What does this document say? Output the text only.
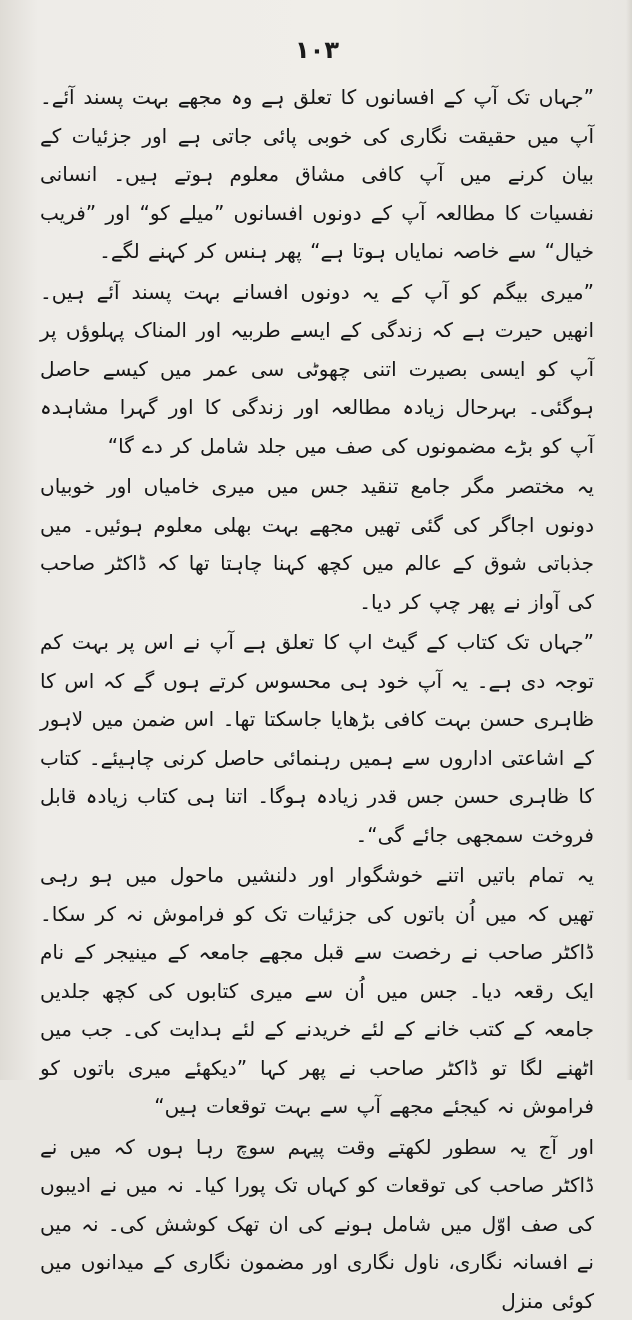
۱۰۳

”جہاں تک آپ کے افسانوں کا تعلق ہے وہ مجھے بہت پسند آئے۔ آپ میں حقیقت نگاری کی خوبی پائی جاتی ہے اور جزئیات کے بیان کرنے میں آپ کافی مشاق معلوم ہوتے ہیں۔ انسانی نفسیات کا مطالعہ آپ کے دونوں افسانوں ”میلے کو“ اور ”فریب خیال“ سے خاصہ نمایاں ہوتا ہے“ پھر ہنس کر کہنے لگے۔

”میری بیگم کو آپ کے یہ دونوں افسانے بہت پسند آئے ہیں۔ انھیں حیرت ہے کہ زندگی کے ایسے طربیہ اور المناک پہلوؤں پر آپ کو ایسی بصیرت اتنی چھوٹی سی عمر میں کیسے حاصل ہوگئی۔ بہرحال زیادہ مطالعہ اور زندگی کا اور گہرا مشاہدہ آپ کو بڑے مضمونوں کی صف میں جلد شامل کر دے گا“

یہ مختصر مگر جامع تنقید جس میں میری خامیاں اور خوبیاں دونوں اجاگر کی گئی تھیں مجھے بہت بھلی معلوم ہوئیں۔ میں جذباتی شوق کے عالم میں کچھ کہنا چاہتا تھا کہ ڈاکٹر صاحب کی آواز نے پھر چپ کر دیا۔

”جہاں تک کتاب کے گیٹ اپ کا تعلق ہے آپ نے اس پر بہت کم توجہ دی ہے۔ یہ آپ خود ہی محسوس کرتے ہوں گے کہ اس کا ظاہری حسن بہت کافی بڑھایا جاسکتا تھا۔ اس ضمن میں لاہور کے اشاعتی اداروں سے ہمیں رہنمائی حاصل کرنی چاہیئے۔ کتاب کا ظاہری حسن جس قدر زیادہ ہوگا۔ اتنا ہی کتاب زیادہ قابل فروخت سمجھی جائے گی“۔

یہ تمام باتیں اتنے خوشگوار اور دلنشیں ماحول میں ہو رہی تھیں کہ میں اُن باتوں کی جزئیات تک کو فراموش نہ کر سکا۔ ڈاکٹر صاحب نے رخصت سے قبل مجھے جامعہ کے مینیجر کے نام ایک رقعہ دیا۔ جس میں اُن سے میری کتابوں کی کچھ جلدیں جامعہ کے کتب خانے کے لئے خریدنے کے لئے ہدایت کی۔ جب میں اٹھنے لگا تو ڈاکٹر صاحب نے پھر کہا ”دیکھئے میری باتوں کو فراموش نہ کیجئے مجھے آپ سے بہت توقعات ہیں“

اور آج یہ سطور لکھتے وقت پیہم سوچ رہا ہوں کہ میں نے ڈاکٹر صاحب کی توقعات کو کہاں تک پورا کیا۔ نہ میں نے ادیبوں کی صف اوّل میں شامل ہونے کی ان تھک کوشش کی۔ نہ میں نے افسانہ نگاری، ناول نگاری اور مضمون نگاری کے میدانوں میں کوئی منزل
